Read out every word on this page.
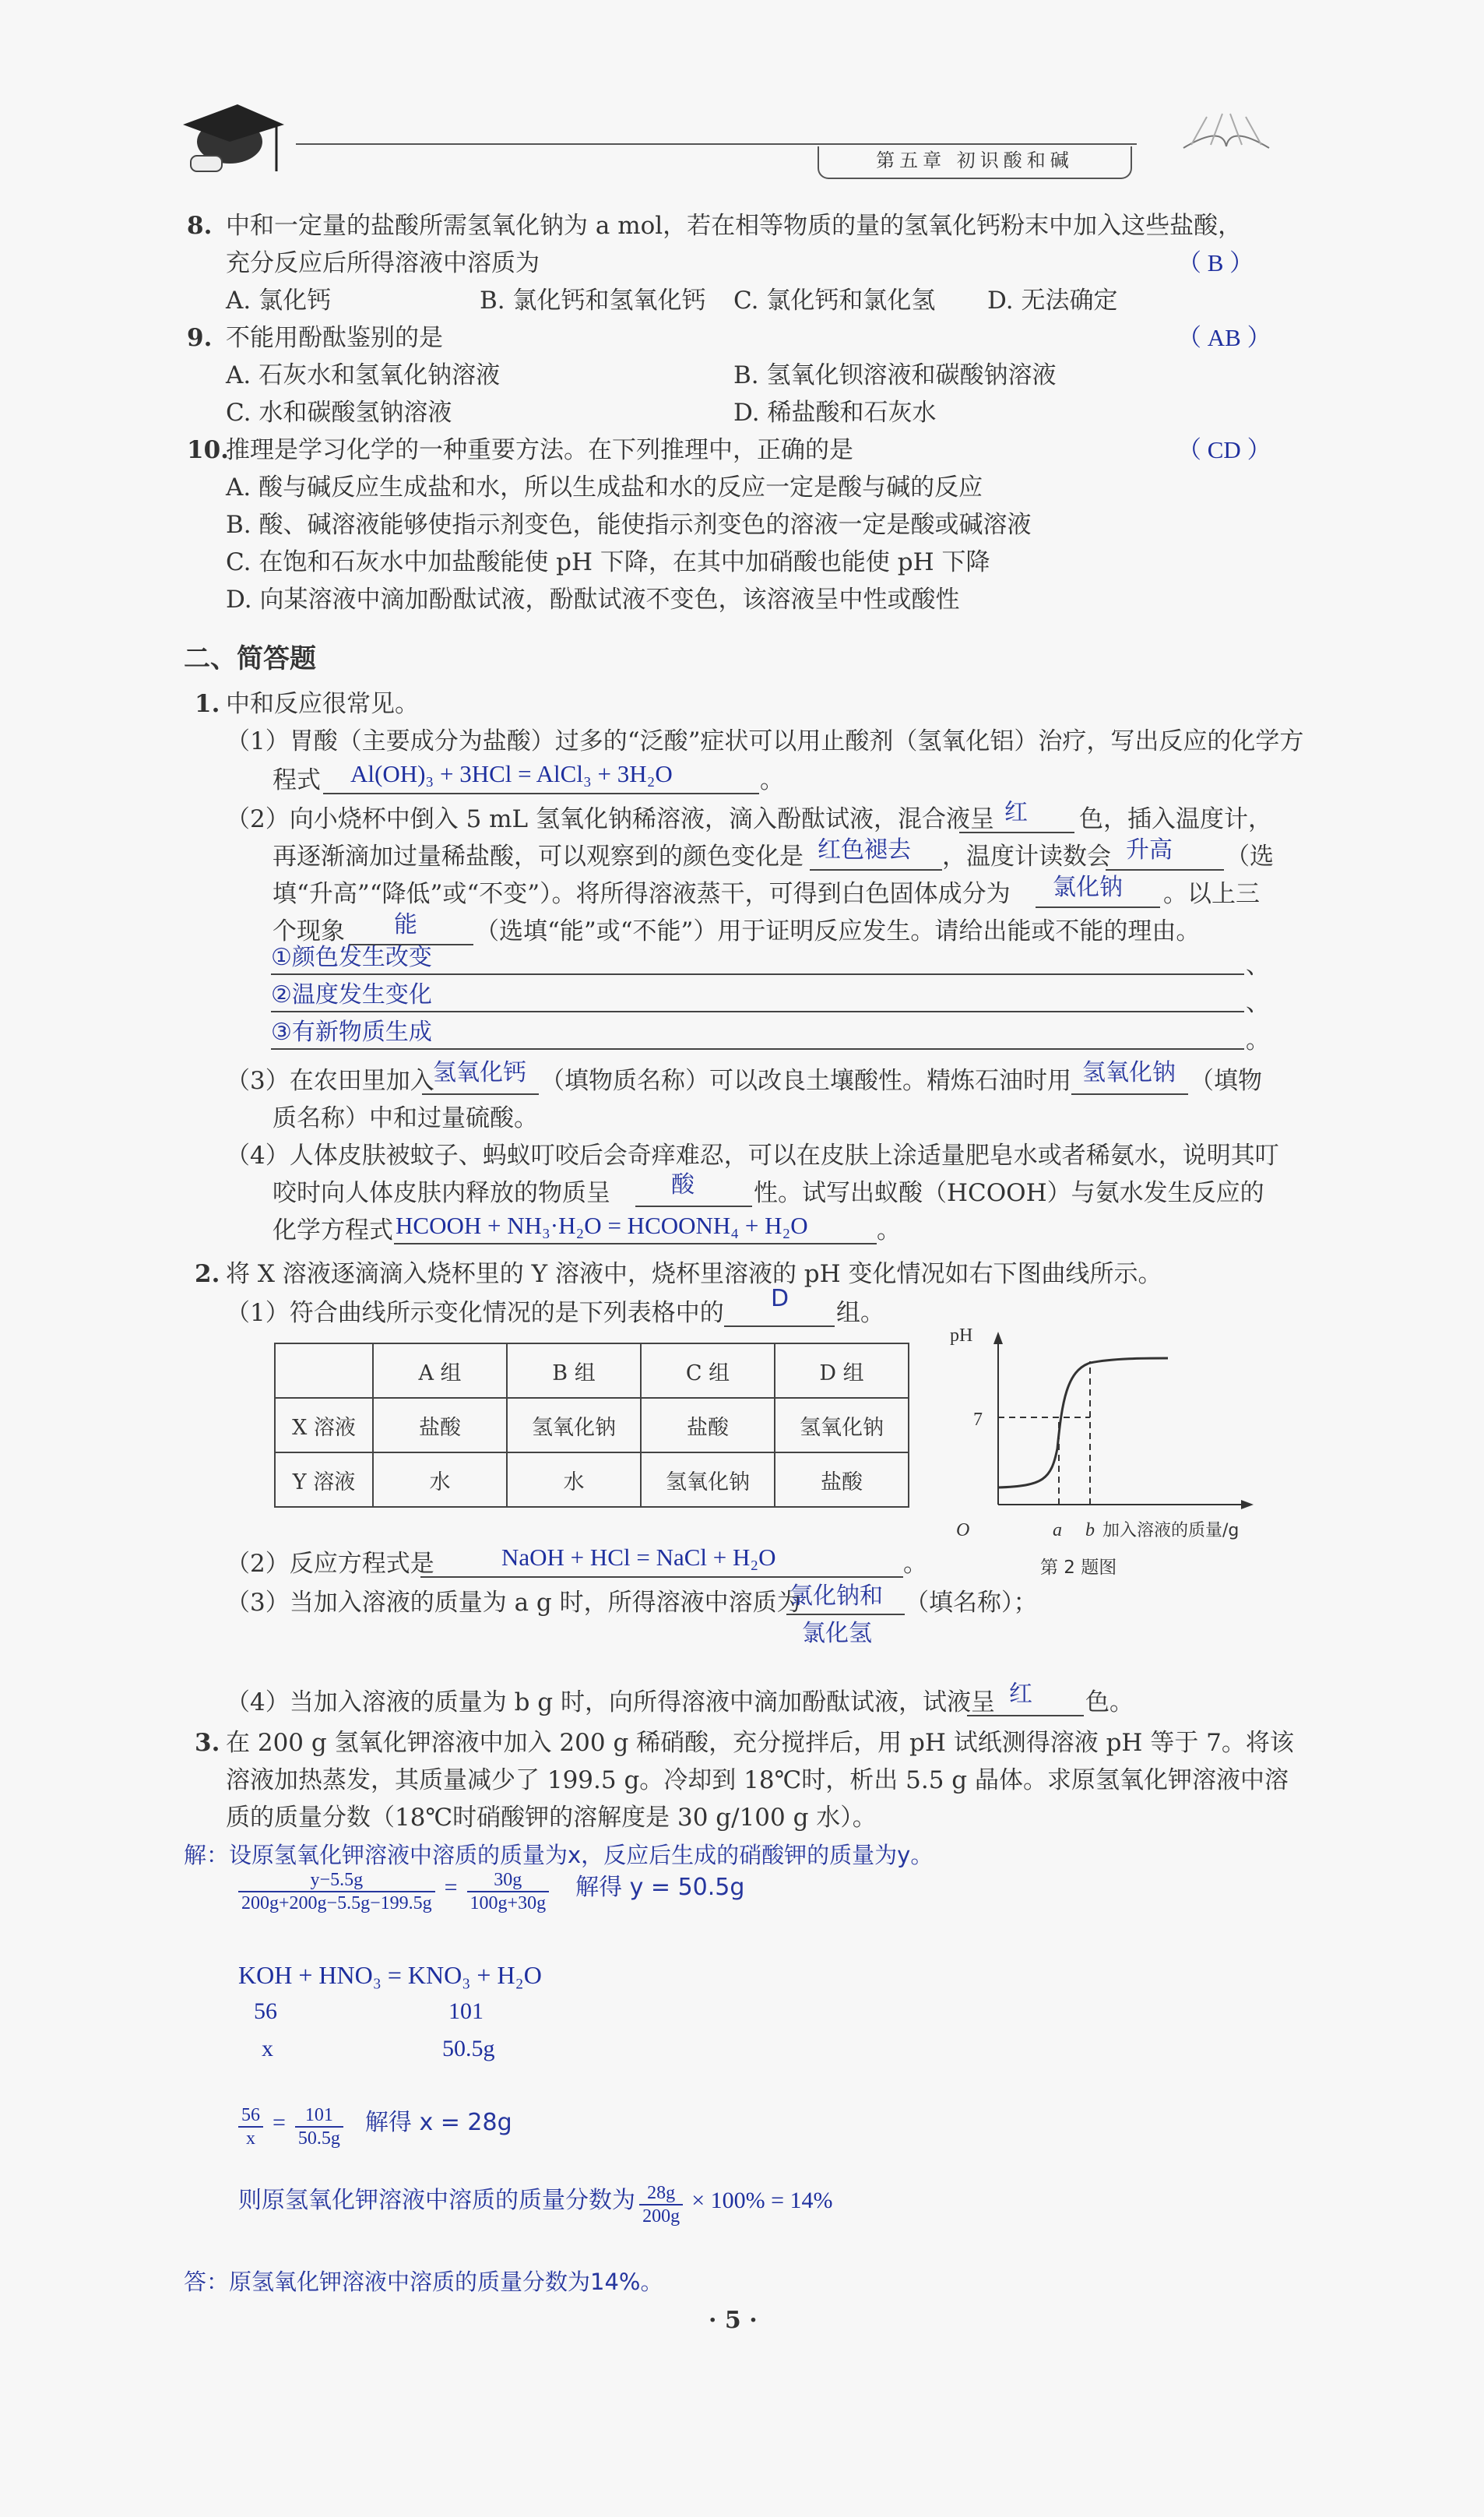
第五章 初识酸和碱
8. 中和一定量的盐酸所需氢氧化钠为 a mol，若在相等物质的量的氢氧化钙粉末中加入这些盐酸，
充分反应后所得溶液中溶质为	（ B ）
A. 氯化钙	B. 氯化钙和氢氧化钙 C. 氯化钙和氯化氢 D. 无法确定
9. 不能用酚酞鉴别的是	（ AB ）
A. 石灰水和氢氧化钠溶液	B. 氢氧化钡溶液和碳酸钠溶液
C. 水和碳酸氢钠溶液	D. 稀盐酸和石灰水
10.
推理是学习化学的一种重要方法。在下列推理中，正确的是	（ CD ）
A. 酸与碱反应生成盐和水，所以生成盐和水的反应一定是酸与碱的反应
B. 酸、碱溶液能够使指示剂变色，能使指示剂变色的溶液一定是酸或碱溶液
C. 在饱和石灰水中加盐酸能使 pH 下降，在其中加硝酸也能使 pH 下降
D. 向某溶液中滴加酚酞试液，酚酞试液不变色，该溶液呈中性或酸性
二、简答题
1. 中和反应很常见。
（1）胃酸（主要成分为盐酸）过多的“泛酸”症状可以用止酸剂（氢氧化铝）治疗，写出反应的化学方
程式 Al(OH)₃ + 3HCl = AlCl₃ + 3H₂O	。
（2）向小烧杯中倒入 5 mL 氢氧化钠稀溶液，滴入酚酞试液，混合液呈 红 色，插入温度计，
再逐渐滴加过量稀盐酸，可以观察到的颜色变化是 红色褪去 ，温度计读数会 升高 （选
填“升高”“降低”或“不变”）。将所得溶液蒸干，可得到白色固体成分为 氯化钠 。以上三
个现象 能 （选填“能”或“不能”）用于证明反应发生。请给出能或不能的理由。
①颜色发生改变	、
②温度发生变化	、
③有新物质生成	。
（3）在农田里加入
氢氧化钙 （填物质名称）可以改良土壤酸性。精炼石油时用 氢氧化钠 （填物
质名称）中和过量硫酸。
（4）人体皮肤被蚊子、蚂蚁叮咬后会奇痒难忍，可以在皮肤上涂适量肥皂水或者稀氨水，说明其叮
咬时向人体皮肤内释放的物质呈	酸 性。试写出蚁酸（HCOOH）与氨水发生反应的
化学方程式 HCOOH + NH₃·H₂O = HCOONH₄ + H₂O	。
2. 将 X 溶液逐滴滴入烧杯里的 Y 溶液中，烧杯里溶液的 pH 变化情况如右下图曲线所示。
（1）符合曲线所示变化情况的是下列表格中的
D
组。
	A 组	B 组	C 组	D 组
X 溶液	盐酸	氢氧化钠	盐酸	氢氧化钠
Y 溶液	水	水	氢氧化钠	盐酸
pH
7
O	a b 加入溶液的质量/g
第 2 题图
（2）反应方程式是	NaOH + HCl = NaCl + H₂O	。
（3）当加入溶液的质量为 a g 时，所得溶液中溶质为
氯化钠和
氯化氢
（填名称）；
（4）当加入溶液的质量为 b g 时，向所得溶液中滴加酚酞试液，试液呈 红 色。
3. 在 200 g 氢氧化钾溶液中加入 200 g 稀硝酸，充分搅拌后，用 pH 试纸测得溶液 pH 等于 7。将该
溶液加热蒸发，其质量减少了 199.5 g。冷却到 18℃时，析出 5.5 g 晶体。求原氢氧化钾溶液中溶
质的质量分数（18℃时硝酸钾的溶解度是 30 g/100 g 水）。
解：设原氢氧化钾溶液中溶质的质量为x，反应后生成的硝酸钾的质量为y。
$\frac{y-5.5g}{200g+200g-5.5g-199.5g} = \frac{30g}{100g+30g}$ 解得 y = 50.5g
KOH + HNO₃ = KNO₃ + H₂O
56	101
x	50.5g
$\frac{56}{x} = \frac{101}{50.5g}$ 解得 x = 28g
则原氢氧化钾溶液中溶质的质量分数为 $\frac{28g}{200g} \times 100\% = 14\%$
答：原氢氧化钾溶液中溶质的质量分数为14%。
· 5 ·
